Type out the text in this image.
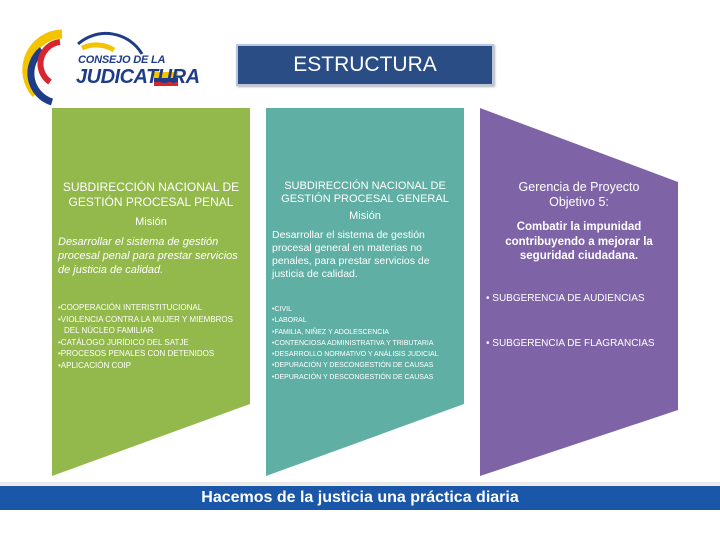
CONSEJO DE LA
JUDICATURA
ESTRUCTURA
SUBDIRECCIÓN NACIONAL DE GESTIÓN PROCESAL PENAL
Misión
Desarrollar el sistema de gestión procesal penal para prestar servicios de justicia de calidad.
•COOPERACIÓN INTERISTITUCIONAL
•VIOLENCIA CONTRA LA MUJER Y MIEMBROS DEL NÚCLEO FAMILIAR
•CATÁLOGO JURÍDICO DEL SATJE
•PROCESOS PENALES CON DETENIDOS
•APLICACIÓN COIP
SUBDIRECCIÓN NACIONAL DE GESTIÓN PROCESAL GENERAL
Misión
Desarrollar el sistema de gestión procesal general en materias no penales, para prestar servicios de justicia de calidad.
•CIVIL
•LABORAL
•FAMILIA, NIÑEZ Y ADOLESCENCIA
•CONTENCIOSA ADMINISTRATIVA Y TRIBUTARIA
•DESARROLLO NORMATIVO Y ANÁLISIS JUDICIAL
•DEPURACIÓN Y DESCONGESTIÓN DE CAUSAS
•DEPURACIÓN Y DESCONGESTIÓN DE CAUSAS
Gerencia de Proyecto Objetivo 5:
Combatir la impunidad contribuyendo a mejorar la seguridad ciudadana.
• SUBGERENCIA DE AUDIENCIAS
• SUBGERENCIA DE FLAGRANCIAS
Hacemos de la justicia una práctica diaria
